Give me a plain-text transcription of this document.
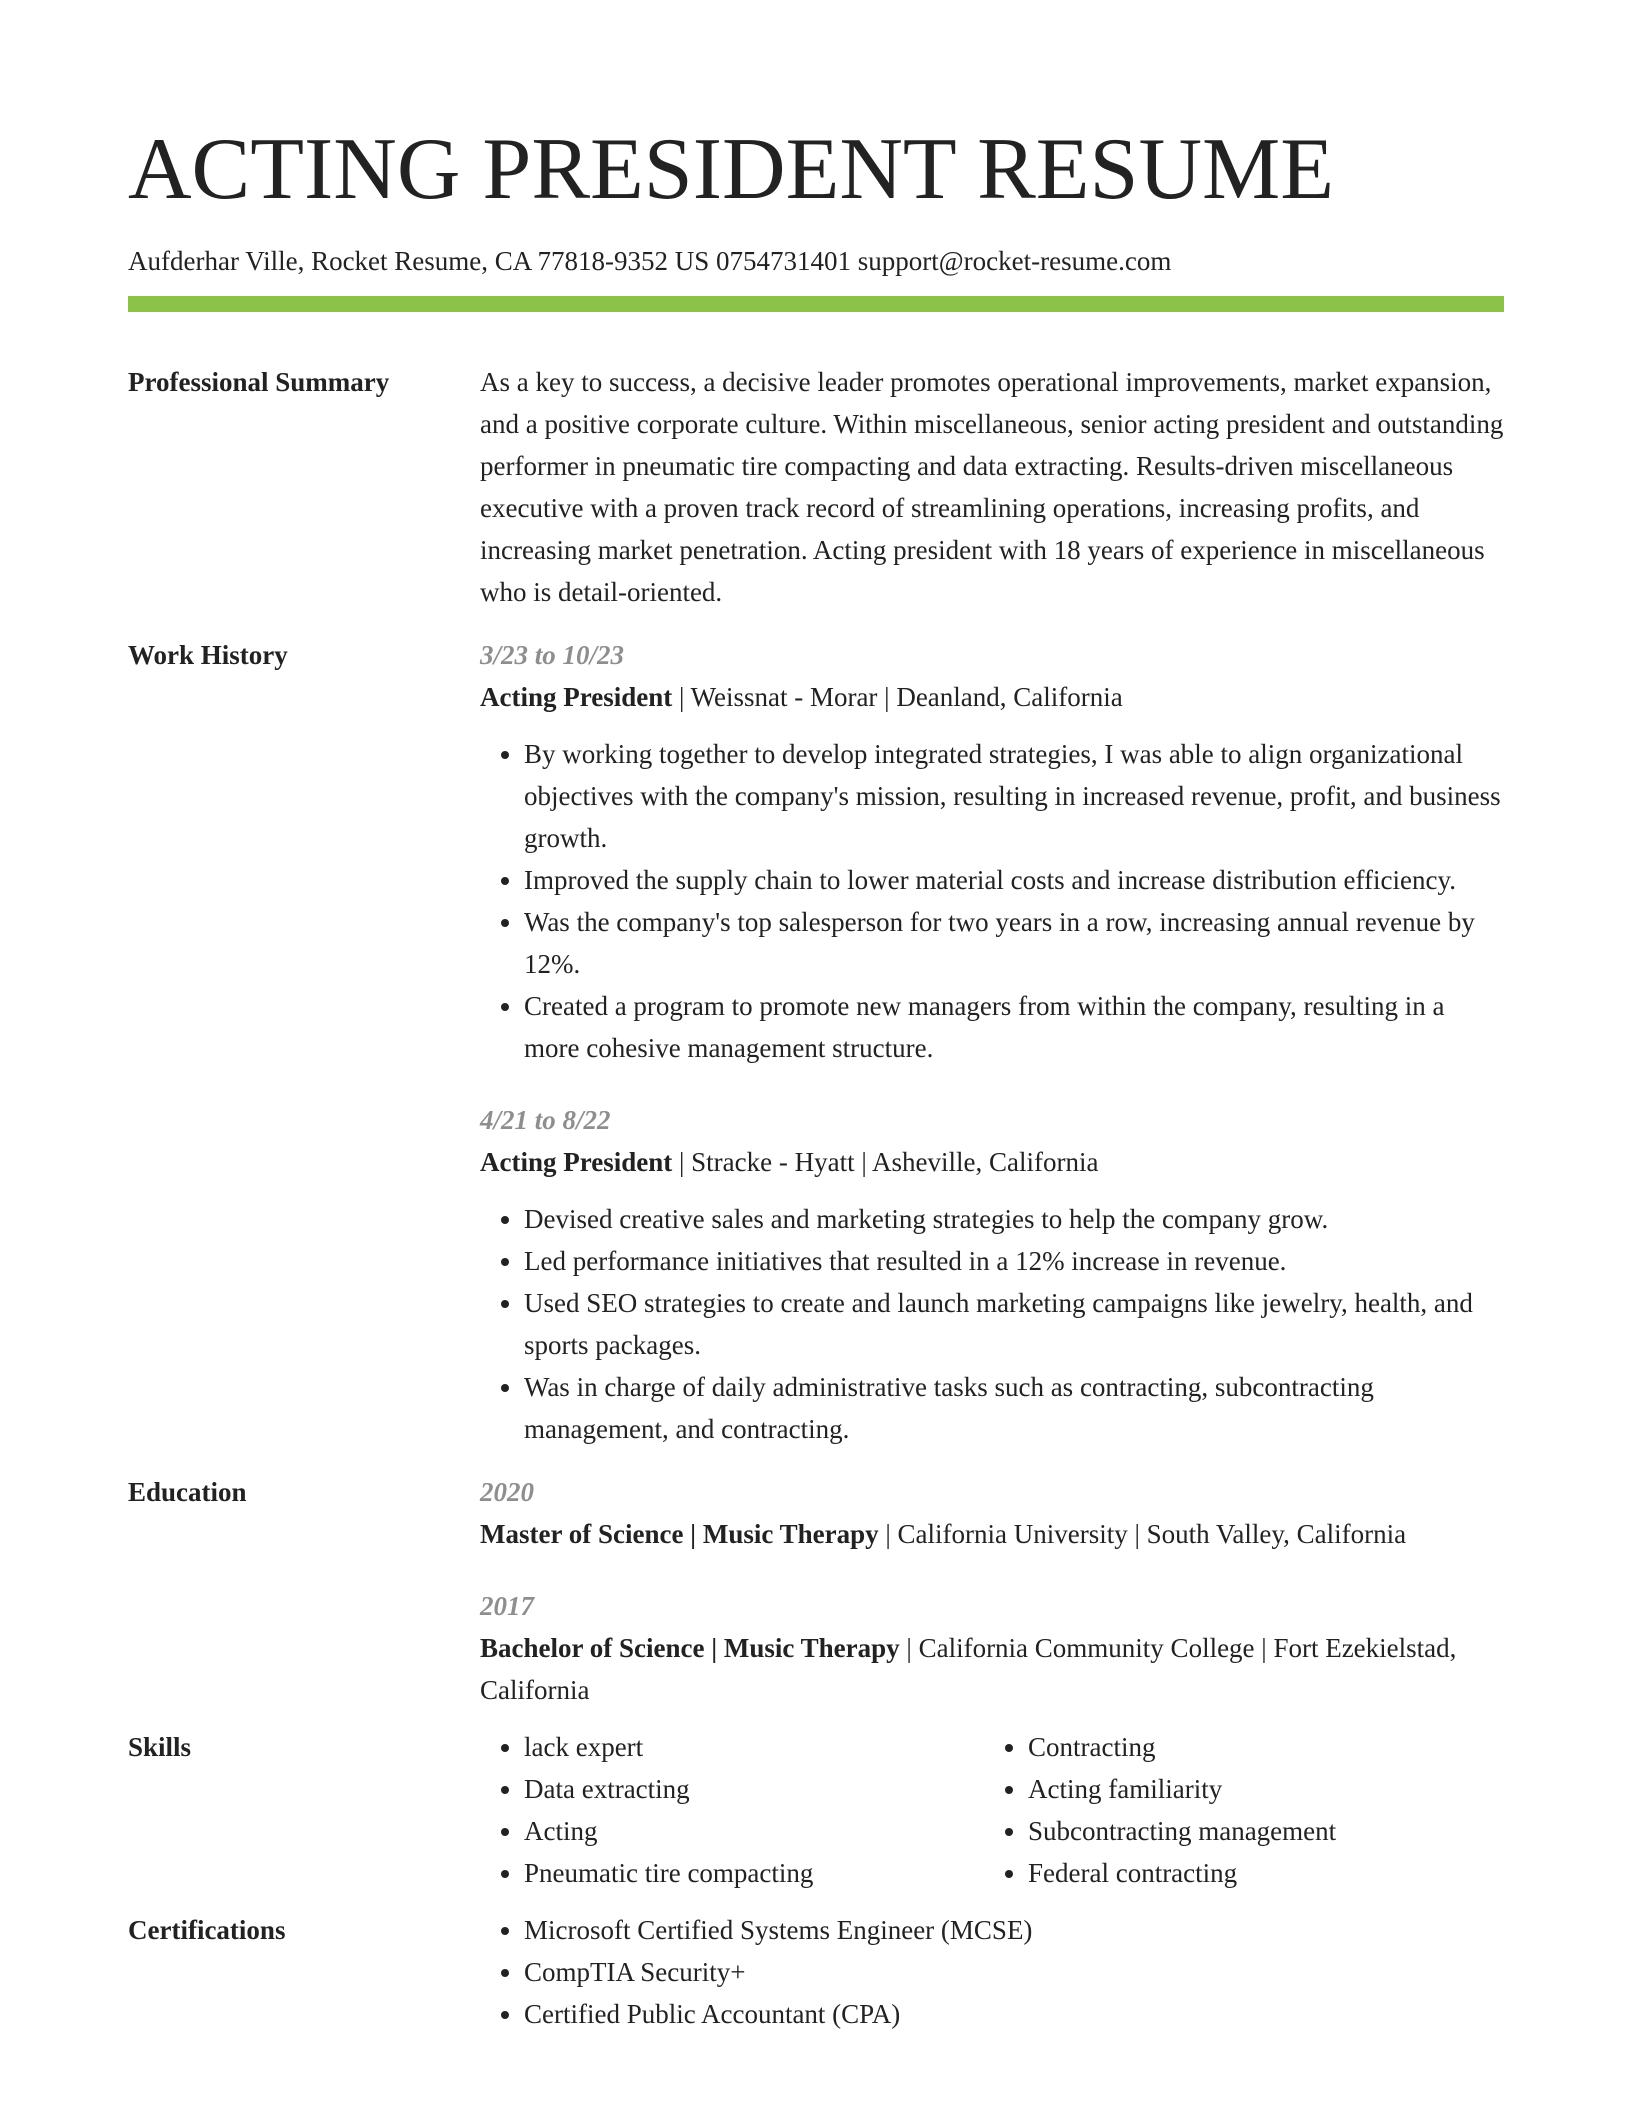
ACTING PRESIDENT RESUME
Aufderhar Ville, Rocket Resume, CA 77818-9352 US 0754731401 support@rocket-resume.com
Professional Summary	As a key to success, a decisive leader promotes operational improvements, market expansion, and a positive corporate culture. Within miscellaneous, senior acting president and outstanding performer in pneumatic tire compacting and data extracting. Results-driven miscellaneous executive with a proven track record of streamlining operations, increasing profits, and increasing market penetration. Acting president with 18 years of experience in miscellaneous who is detail-oriented.
Work History	3/23 to 10/23
Acting President | Weissnat - Morar | Deanland, California
• By working together to develop integrated strategies, I was able to align organizational objectives with the company's mission, resulting in increased revenue, profit, and business growth.
• Improved the supply chain to lower material costs and increase distribution efficiency.
• Was the company's top salesperson for two years in a row, increasing annual revenue by 12%.
• Created a program to promote new managers from within the company, resulting in a more cohesive management structure.
4/21 to 8/22
Acting President | Stracke - Hyatt | Asheville, California
• Devised creative sales and marketing strategies to help the company grow.
• Led performance initiatives that resulted in a 12% increase in revenue.
• Used SEO strategies to create and launch marketing campaigns like jewelry, health, and sports packages.
• Was in charge of daily administrative tasks such as contracting, subcontracting management, and contracting.
Education	2020
Master of Science | Music Therapy | California University | South Valley, California
2017
Bachelor of Science | Music Therapy | California Community College | Fort Ezekielstad, California
Skills	• lack expert
• Data extracting
• Acting
• Pneumatic tire compacting
• Contracting
• Acting familiarity
• Subcontracting management
• Federal contracting
Certifications	• Microsoft Certified Systems Engineer (MCSE)
• CompTIA Security+
• Certified Public Accountant (CPA)
